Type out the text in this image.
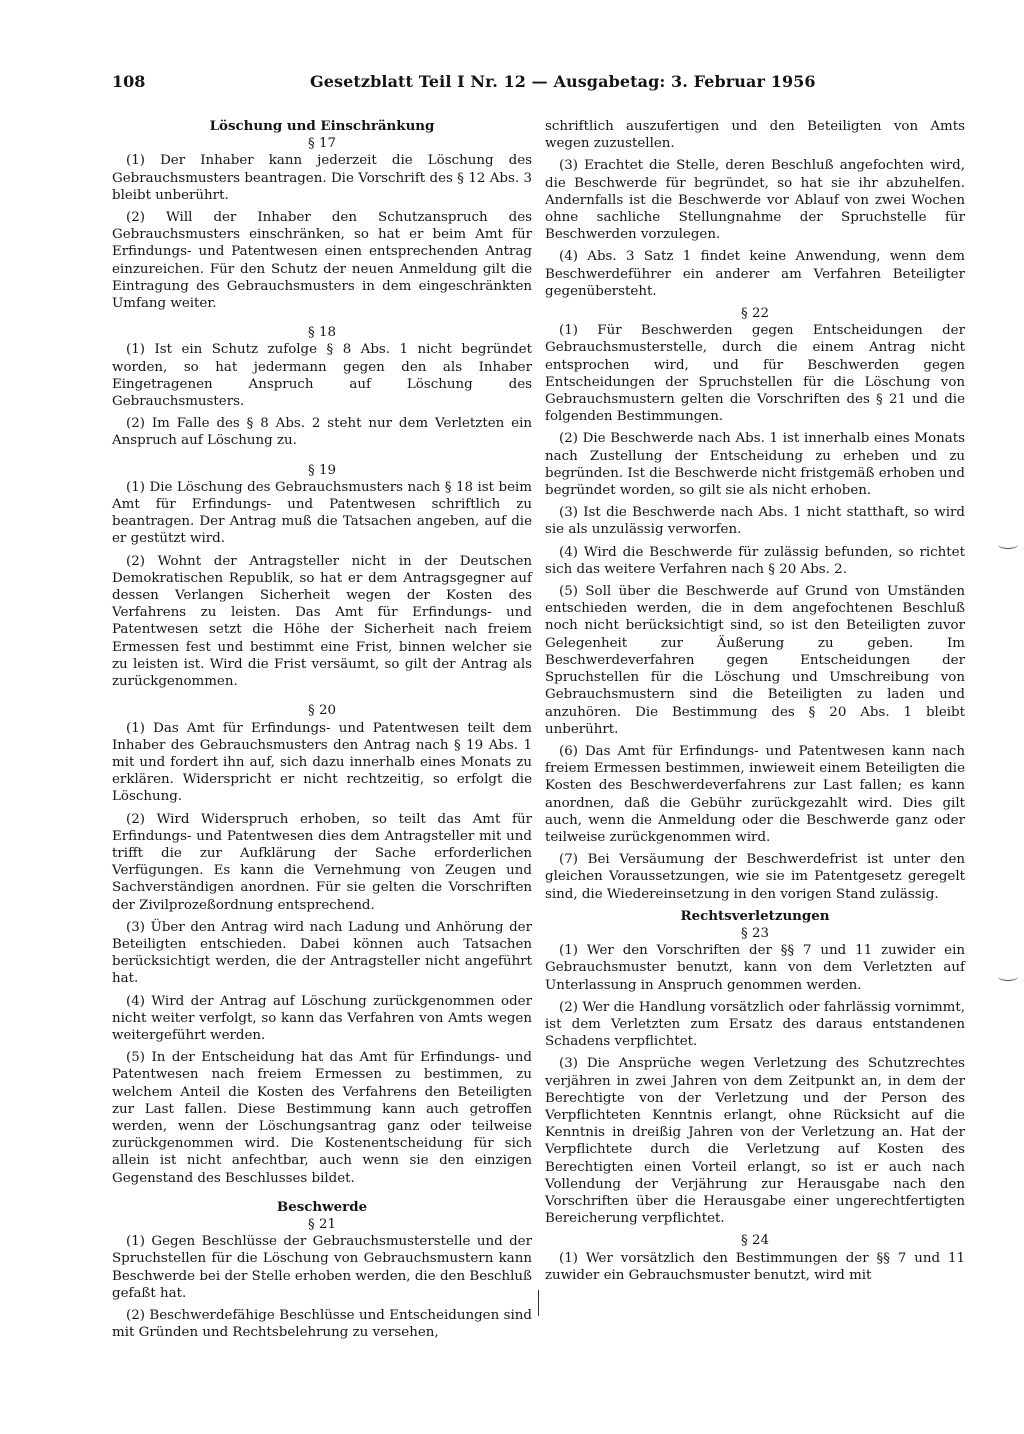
108	Gesetzblatt Teil I Nr. 12 — Ausgabetag: 3. Februar 1956
Löschung und Einschränkung
§ 17

(1) Der Inhaber kann jederzeit die Löschung des Gebrauchsmusters beantragen. Die Vorschrift des § 12 Abs. 3 bleibt unberührt.

(2) Will der Inhaber den Schutzanspruch des Gebrauchsmusters einschränken, so hat er beim Amt für Erfindungs- und Patentwesen einen entsprechenden Antrag einzureichen. Für den Schutz der neuen Anmeldung gilt die Eintragung des Gebrauchsmusters in dem eingeschränkten Umfang weiter.

§ 18

(1) Ist ein Schutz zufolge § 8 Abs. 1 nicht begründet worden, so hat jedermann gegen den als Inhaber Eingetragenen Anspruch auf Löschung des Gebrauchsmusters.

(2) Im Falle des § 8 Abs. 2 steht nur dem Verletzten ein Anspruch auf Löschung zu.

§ 19

(1) Die Löschung des Gebrauchsmusters nach § 18 ist beim Amt für Erfindungs- und Patentwesen schriftlich zu beantragen. Der Antrag muß die Tatsachen angeben, auf die er gestützt wird.

(2) Wohnt der Antragsteller nicht in der Deutschen Demokratischen Republik, so hat er dem Antragsgegner auf dessen Verlangen Sicherheit wegen der Kosten des Verfahrens zu leisten. Das Amt für Erfindungs- und Patentwesen setzt die Höhe der Sicherheit nach freiem Ermessen fest und bestimmt eine Frist, binnen welcher sie zu leisten ist. Wird die Frist versäumt, so gilt der Antrag als zurückgenommen.

§ 20

(1) Das Amt für Erfindungs- und Patentwesen teilt dem Inhaber des Gebrauchsmusters den Antrag nach § 19 Abs. 1 mit und fordert ihn auf, sich dazu innerhalb eines Monats zu erklären. Widerspricht er nicht rechtzeitig, so erfolgt die Löschung.

(2) Wird Widerspruch erhoben, so teilt das Amt für Erfindungs- und Patentwesen dies dem Antragsteller mit und trifft die zur Aufklärung der Sache erforderlichen Verfügungen. Es kann die Vernehmung von Zeugen und Sachverständigen anordnen. Für sie gelten die Vorschriften der Zivilprozeßordnung entsprechend.

(3) Über den Antrag wird nach Ladung und Anhörung der Beteiligten entschieden. Dabei können auch Tatsachen berücksichtigt werden, die der Antragsteller nicht angeführt hat.

(4) Wird der Antrag auf Löschung zurückgenommen oder nicht weiter verfolgt, so kann das Verfahren von Amts wegen weitergeführt werden.

(5) In der Entscheidung hat das Amt für Erfindungs- und Patentwesen nach freiem Ermessen zu bestimmen, zu welchem Anteil die Kosten des Verfahrens den Beteiligten zur Last fallen. Diese Bestimmung kann auch getroffen werden, wenn der Löschungsantrag ganz oder teilweise zurückgenommen wird. Die Kostenentscheidung für sich allein ist nicht anfechtbar, auch wenn sie den einzigen Gegenstand des Beschlusses bildet.

Beschwerde
§ 21

(1) Gegen Beschlüsse der Gebrauchsmusterstelle und der Spruchstellen für die Löschung von Gebrauchsmustern kann Beschwerde bei der Stelle erhoben werden, die den Beschluß gefaßt hat.

(2) Beschwerdefähige Beschlüsse und Entscheidungen sind mit Gründen und Rechtsbelehrung zu versehen,

schriftlich auszufertigen und den Beteiligten von Amts wegen zuzustellen.

(3) Erachtet die Stelle, deren Beschluß angefochten wird, die Beschwerde für begründet, so hat sie ihr abzuhelfen. Andernfalls ist die Beschwerde vor Ablauf von zwei Wochen ohne sachliche Stellungnahme der Spruchstelle für Beschwerden vorzulegen.

(4) Abs. 3 Satz 1 findet keine Anwendung, wenn dem Beschwerdeführer ein anderer am Verfahren Beteiligter gegenübersteht.

§ 22

(1) Für Beschwerden gegen Entscheidungen der Gebrauchsmusterstelle, durch die einem Antrag nicht entsprochen wird, und für Beschwerden gegen Entscheidungen der Spruchstellen für die Löschung von Gebrauchsmustern gelten die Vorschriften des § 21 und die folgenden Bestimmungen.

(2) Die Beschwerde nach Abs. 1 ist innerhalb eines Monats nach Zustellung der Entscheidung zu erheben und zu begründen. Ist die Beschwerde nicht fristgemäß erhoben und begründet worden, so gilt sie als nicht erhoben.

(3) Ist die Beschwerde nach Abs. 1 nicht statthaft, so wird sie als unzulässig verworfen.

(4) Wird die Beschwerde für zulässig befunden, so richtet sich das weitere Verfahren nach § 20 Abs. 2.

(5) Soll über die Beschwerde auf Grund von Umständen entschieden werden, die in dem angefochtenen Beschluß noch nicht berücksichtigt sind, so ist den Beteiligten zuvor Gelegenheit zur Äußerung zu geben. Im Beschwerdeverfahren gegen Entscheidungen der Spruchstellen für die Löschung und Umschreibung von Gebrauchsmustern sind die Beteiligten zu laden und anzuhören. Die Bestimmung des § 20 Abs. 1 bleibt unberührt.

(6) Das Amt für Erfindungs- und Patentwesen kann nach freiem Ermessen bestimmen, inwieweit einem Beteiligten die Kosten des Beschwerdeverfahrens zur Last fallen; es kann anordnen, daß die Gebühr zurückgezahlt wird. Dies gilt auch, wenn die Anmeldung oder die Beschwerde ganz oder teilweise zurückgenommen wird.

(7) Bei Versäumung der Beschwerdefrist ist unter den gleichen Voraussetzungen, wie sie im Patentgesetz geregelt sind, die Wiedereinsetzung in den vorigen Stand zulässig.

Rechtsverletzungen
§ 23

(1) Wer den Vorschriften der §§ 7 und 11 zuwider ein Gebrauchsmuster benutzt, kann von dem Verletzten auf Unterlassung in Anspruch genommen werden.

(2) Wer die Handlung vorsätzlich oder fahrlässig vornimmt, ist dem Verletzten zum Ersatz des daraus entstandenen Schadens verpflichtet.

(3) Die Ansprüche wegen Verletzung des Schutzrechtes verjähren in zwei Jahren von dem Zeitpunkt an, in dem der Berechtigte von der Verletzung und der Person des Verpflichteten Kenntnis erlangt, ohne Rücksicht auf die Kenntnis in dreißig Jahren von der Verletzung an. Hat der Verpflichtete durch die Verletzung auf Kosten des Berechtigten einen Vorteil erlangt, so ist er auch nach Vollendung der Verjährung zur Herausgabe nach den Vorschriften über die Herausgabe einer ungerechtfertigten Bereicherung verpflichtet.

§ 24

(1) Wer vorsätzlich den Bestimmungen der §§ 7 und 11 zuwider ein Gebrauchsmuster benutzt, wird mit
